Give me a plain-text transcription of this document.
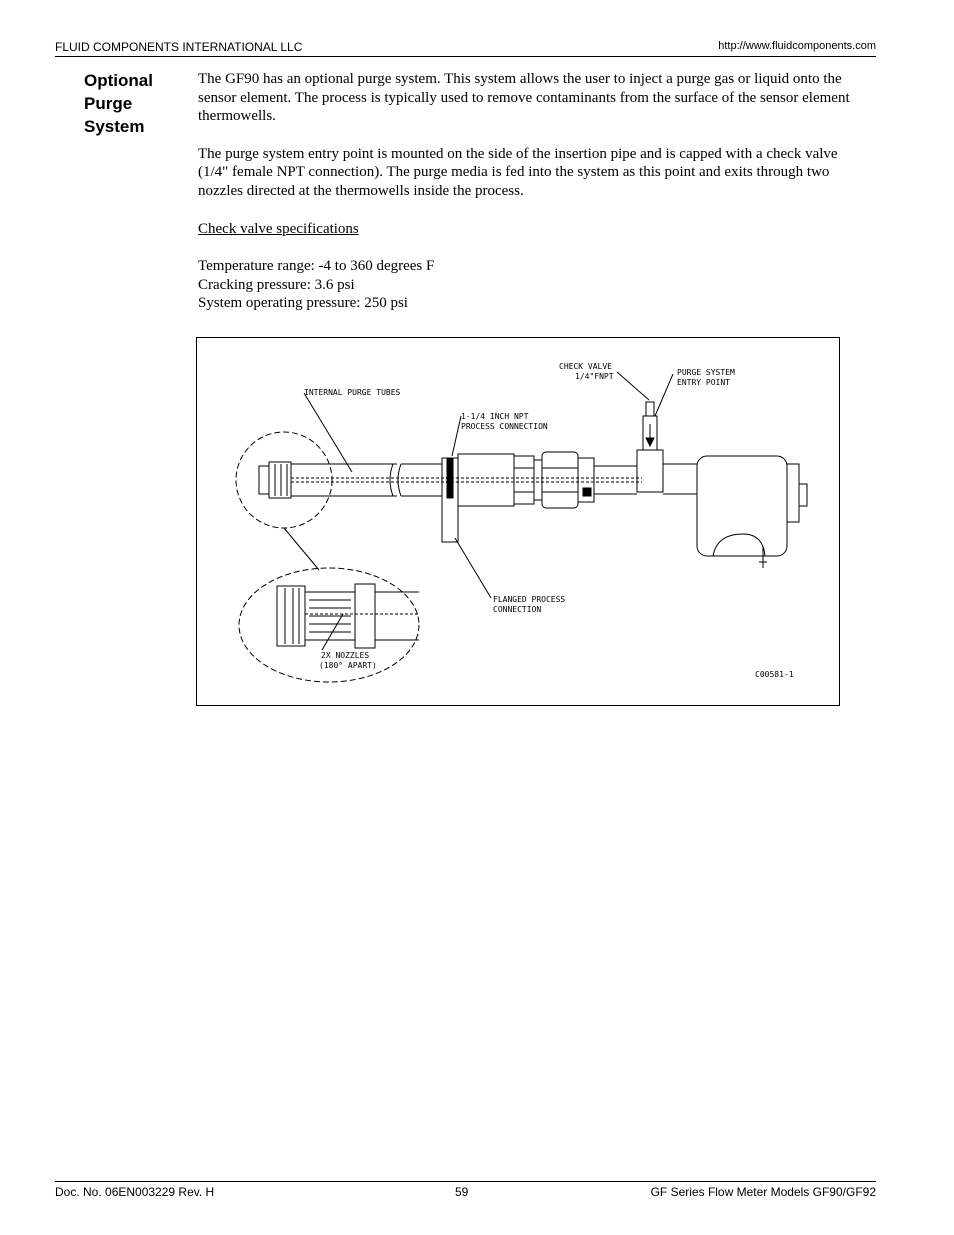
FLUID COMPONENTS INTERNATIONAL LLC	http://www.fluidcomponents.com
Optional
Purge
System

The GF90 has an optional purge system. This system allows the user to inject a purge gas or liquid onto the sensor element. The process is typically used to remove contaminants from the surface of the sensor element thermowells.

The purge system entry point is mounted on the side of the insertion pipe and is capped with a check valve (1/4" female NPT connection). The purge media is fed into the system as this point and exits through two nozzles directed at the thermowells inside the process.

Check valve specifications

Temperature range: -4 to 360 degrees F
Cracking pressure: 3.6 psi
System operating pressure: 250 psi
CHECK VALVE
1/4"FNPT	PURGE SYSTEM
ENTRY POINT
INTERNAL PURGE TUBES
1-1/4 INCH NPT
PROCESS CONNECTION
FLANGED PROCESS
CONNECTION
2X NOZZLES
(180° APART)
C00581-1
Doc. No. 06EN003229 Rev. H	59	GF Series Flow Meter Models GF90/GF92
